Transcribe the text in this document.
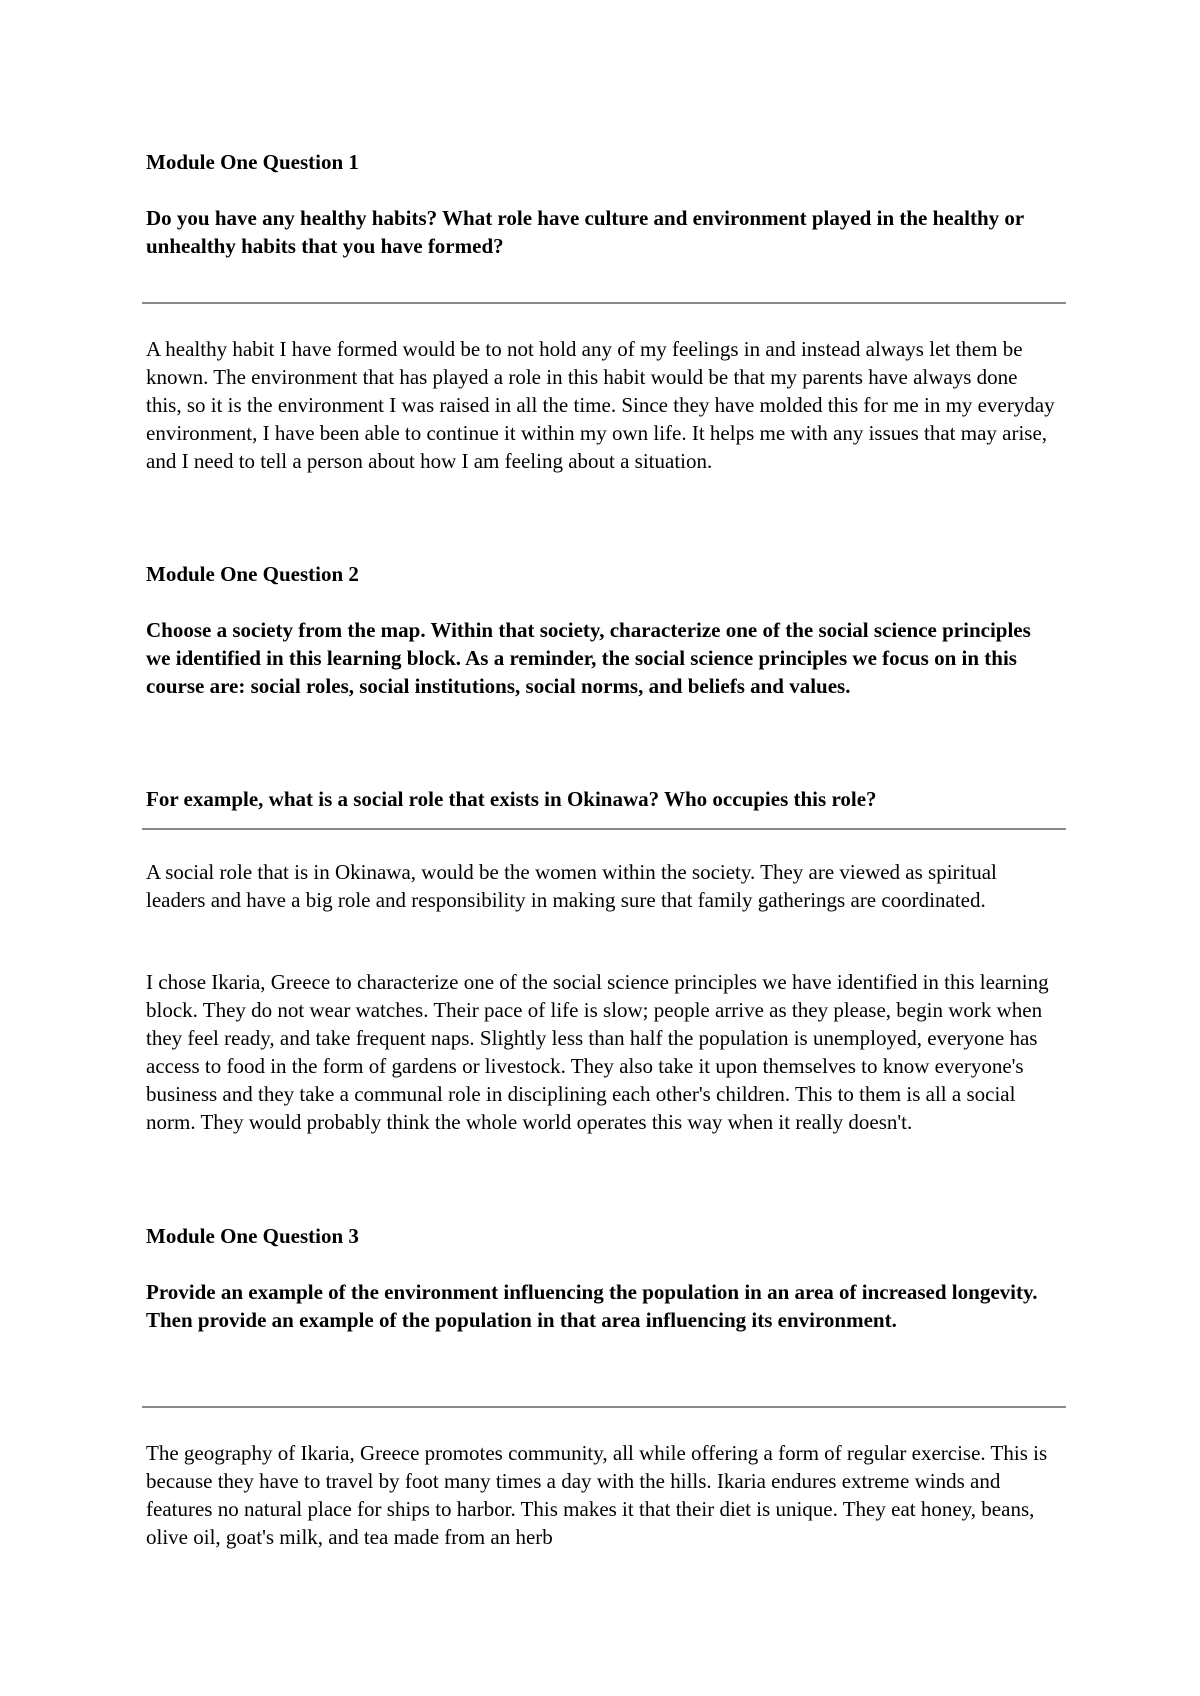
Module One Question 1

Do you have any healthy habits? What role have culture and environment played in the healthy or unhealthy habits that you have formed?

A healthy habit I have formed would be to not hold any of my feelings in and instead always let them be known. The environment that has played a role in this habit would be that my parents have always done this, so it is the environment I was raised in all the time. Since they have molded this for me in my everyday environment, I have been able to continue it within my own life. It helps me with any issues that may arise, and I need to tell a person about how I am feeling about a situation.

Module One Question 2

Choose a society from the map. Within that society, characterize one of the social science principles we identified in this learning block. As a reminder, the social science principles we focus on in this course are: social roles, social institutions, social norms, and beliefs and values.

For example, what is a social role that exists in Okinawa? Who occupies this role?

A social role that is in Okinawa, would be the women within the society. They are viewed as spiritual leaders and have a big role and responsibility in making sure that family gatherings are coordinated.

I chose Ikaria, Greece to characterize one of the social science principles we have identified in this learning block. They do not wear watches. Their pace of life is slow; people arrive as they please, begin work when they feel ready, and take frequent naps. Slightly less than half the population is unemployed, everyone has access to food in the form of gardens or livestock. They also take it upon themselves to know everyone's business and they take a communal role in disciplining each other's children. This to them is all a social norm. They would probably think the whole world operates this way when it really doesn't.

Module One Question 3

Provide an example of the environment influencing the population in an area of increased longevity. Then provide an example of the population in that area influencing its environment.

The geography of Ikaria, Greece promotes community, all while offering a form of regular exercise. This is because they have to travel by foot many times a day with the hills. Ikaria endures extreme winds and features no natural place for ships to harbor. This makes it that their diet is unique. They eat honey, beans, olive oil, goat's milk, and tea made from an herb
